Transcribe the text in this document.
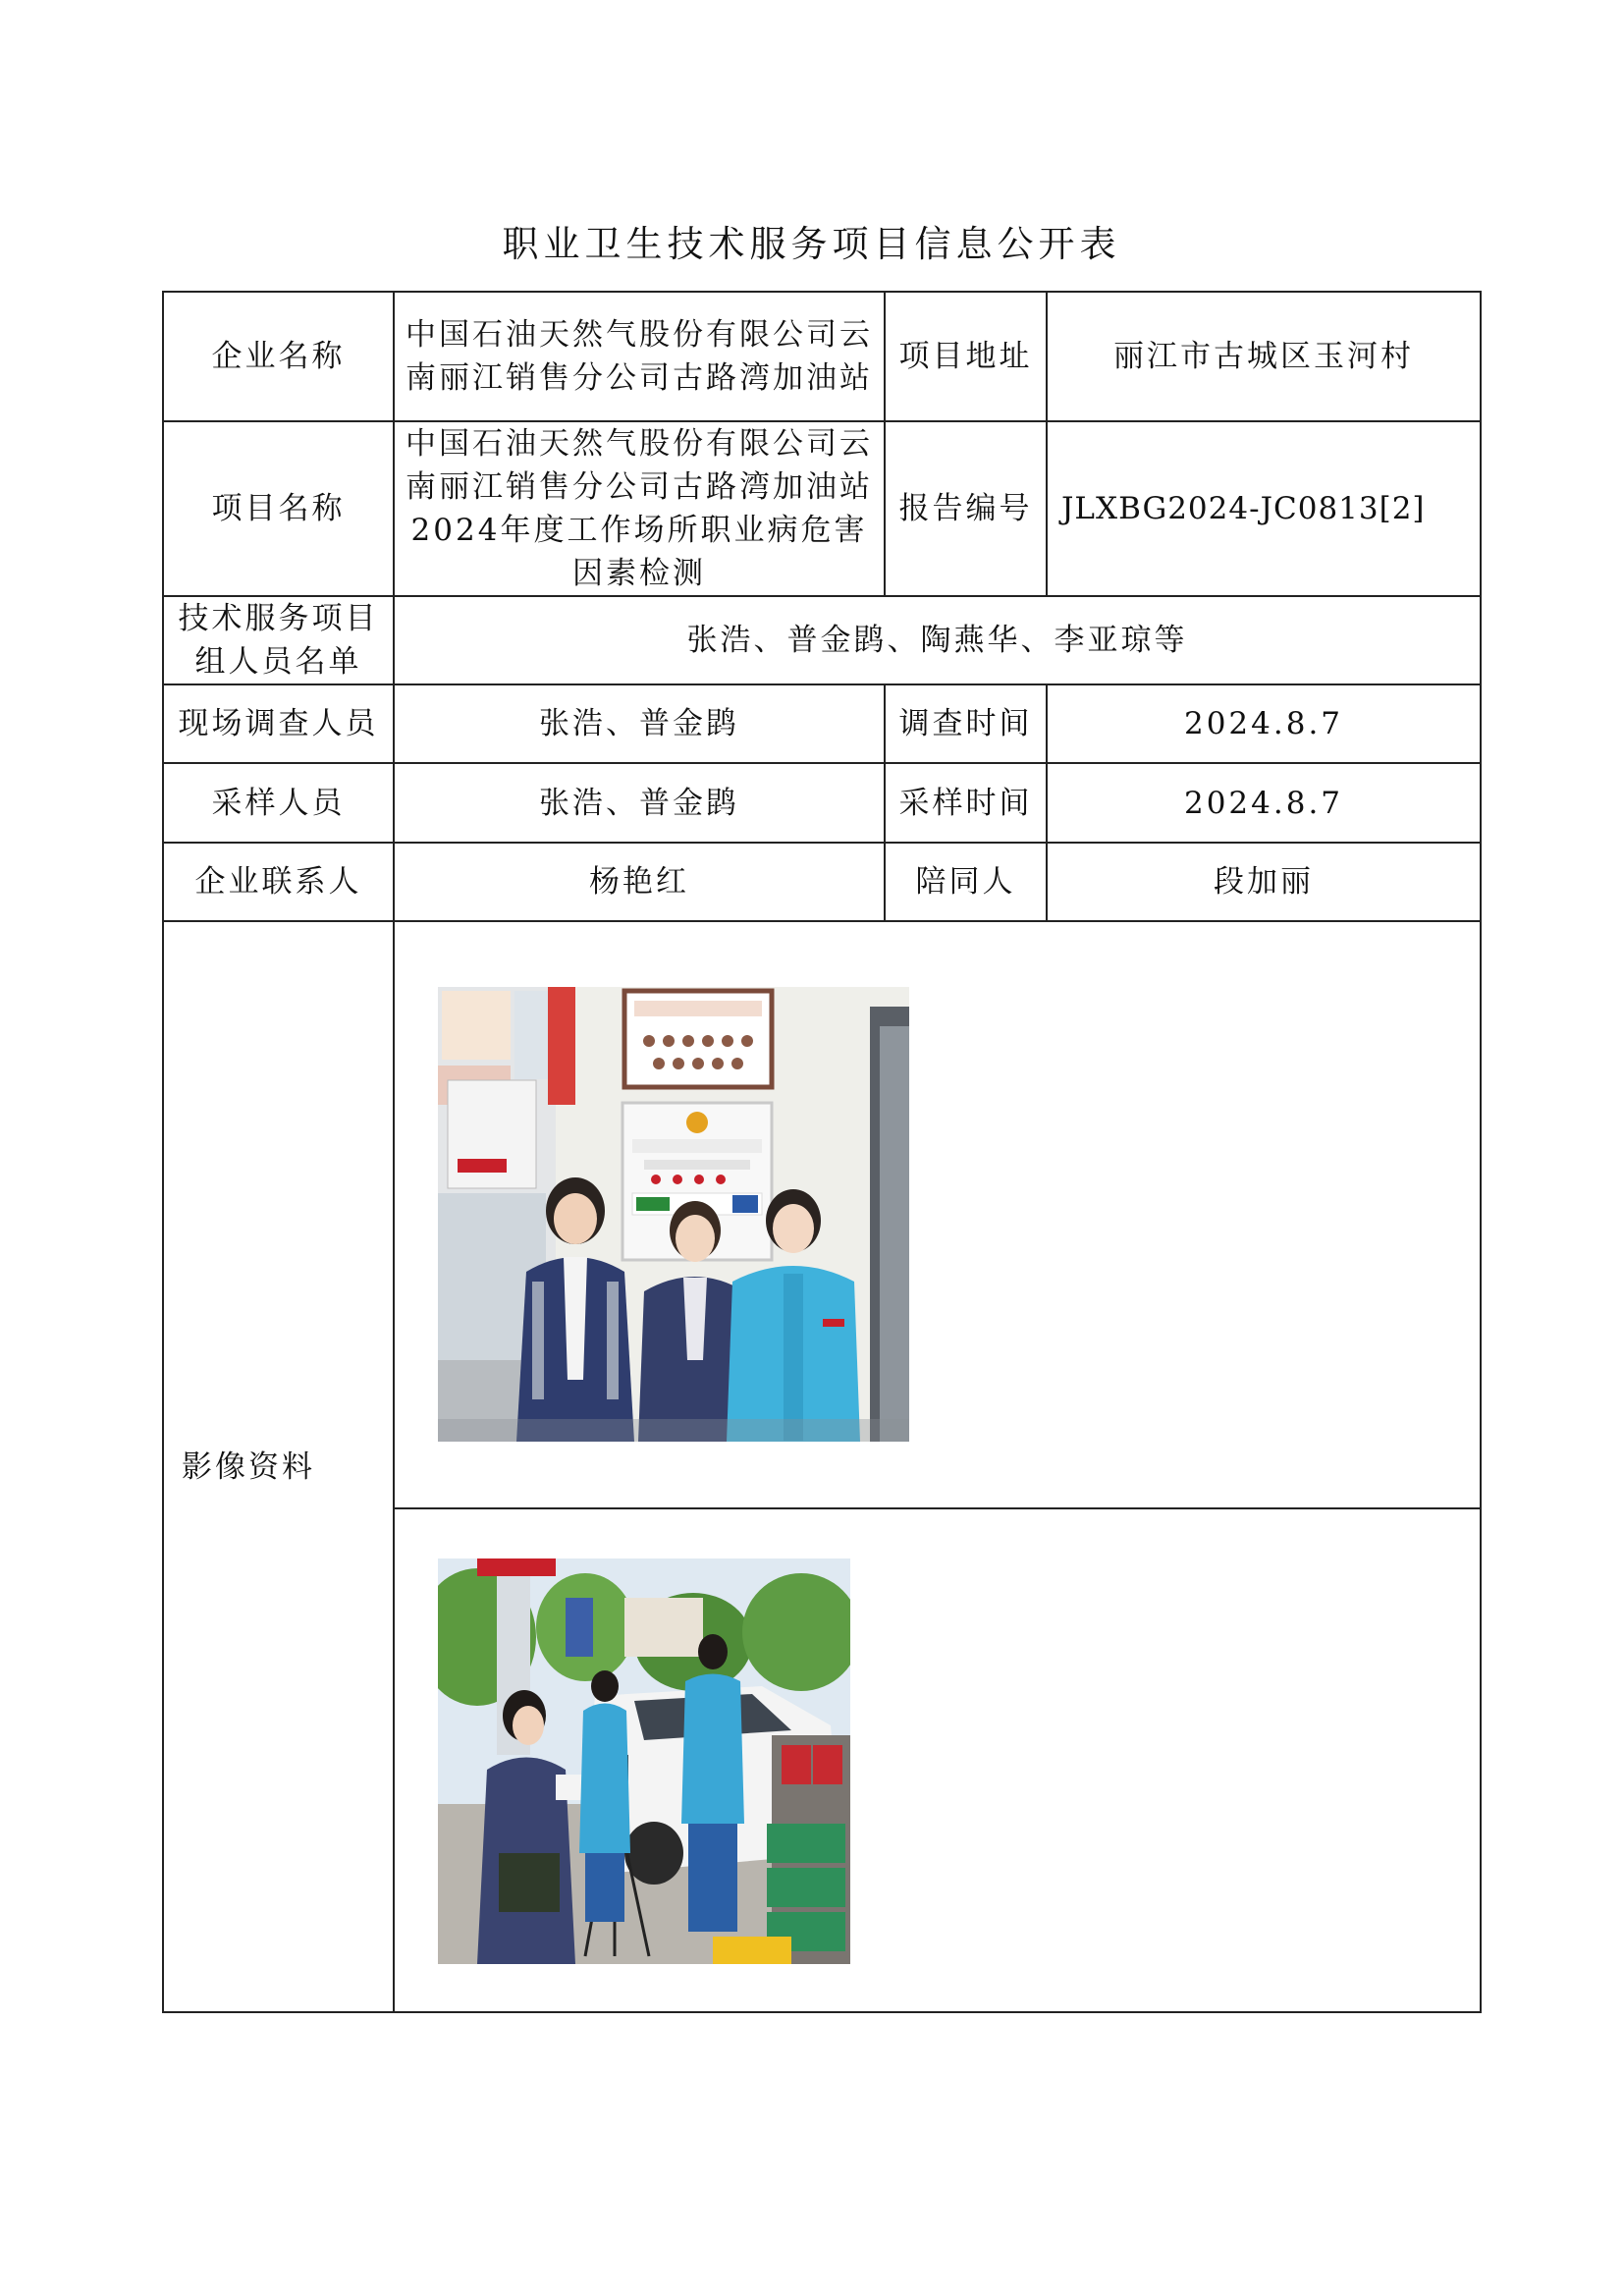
职业卫生技术服务项目信息公开表
企业名称	中国石油天然气股份有限公司云南丽江销售分公司古路湾加油站	项目地址	丽江市古城区玉河村
项目名称	中国石油天然气股份有限公司云南丽江销售分公司古路湾加油站2024年度工作场所职业病危害因素检测	报告编号	JLXBG2024-JC0813[2]
技术服务项目组人员名单	张浩、普金鹍、陶燕华、李亚琼等		
现场调查人员	张浩、普金鹍	调查时间	2024.8.7
采样人员	张浩、普金鹍	采样时间	2024.8.7
企业联系人	杨艳红	陪同人	段加丽
影像资料	
